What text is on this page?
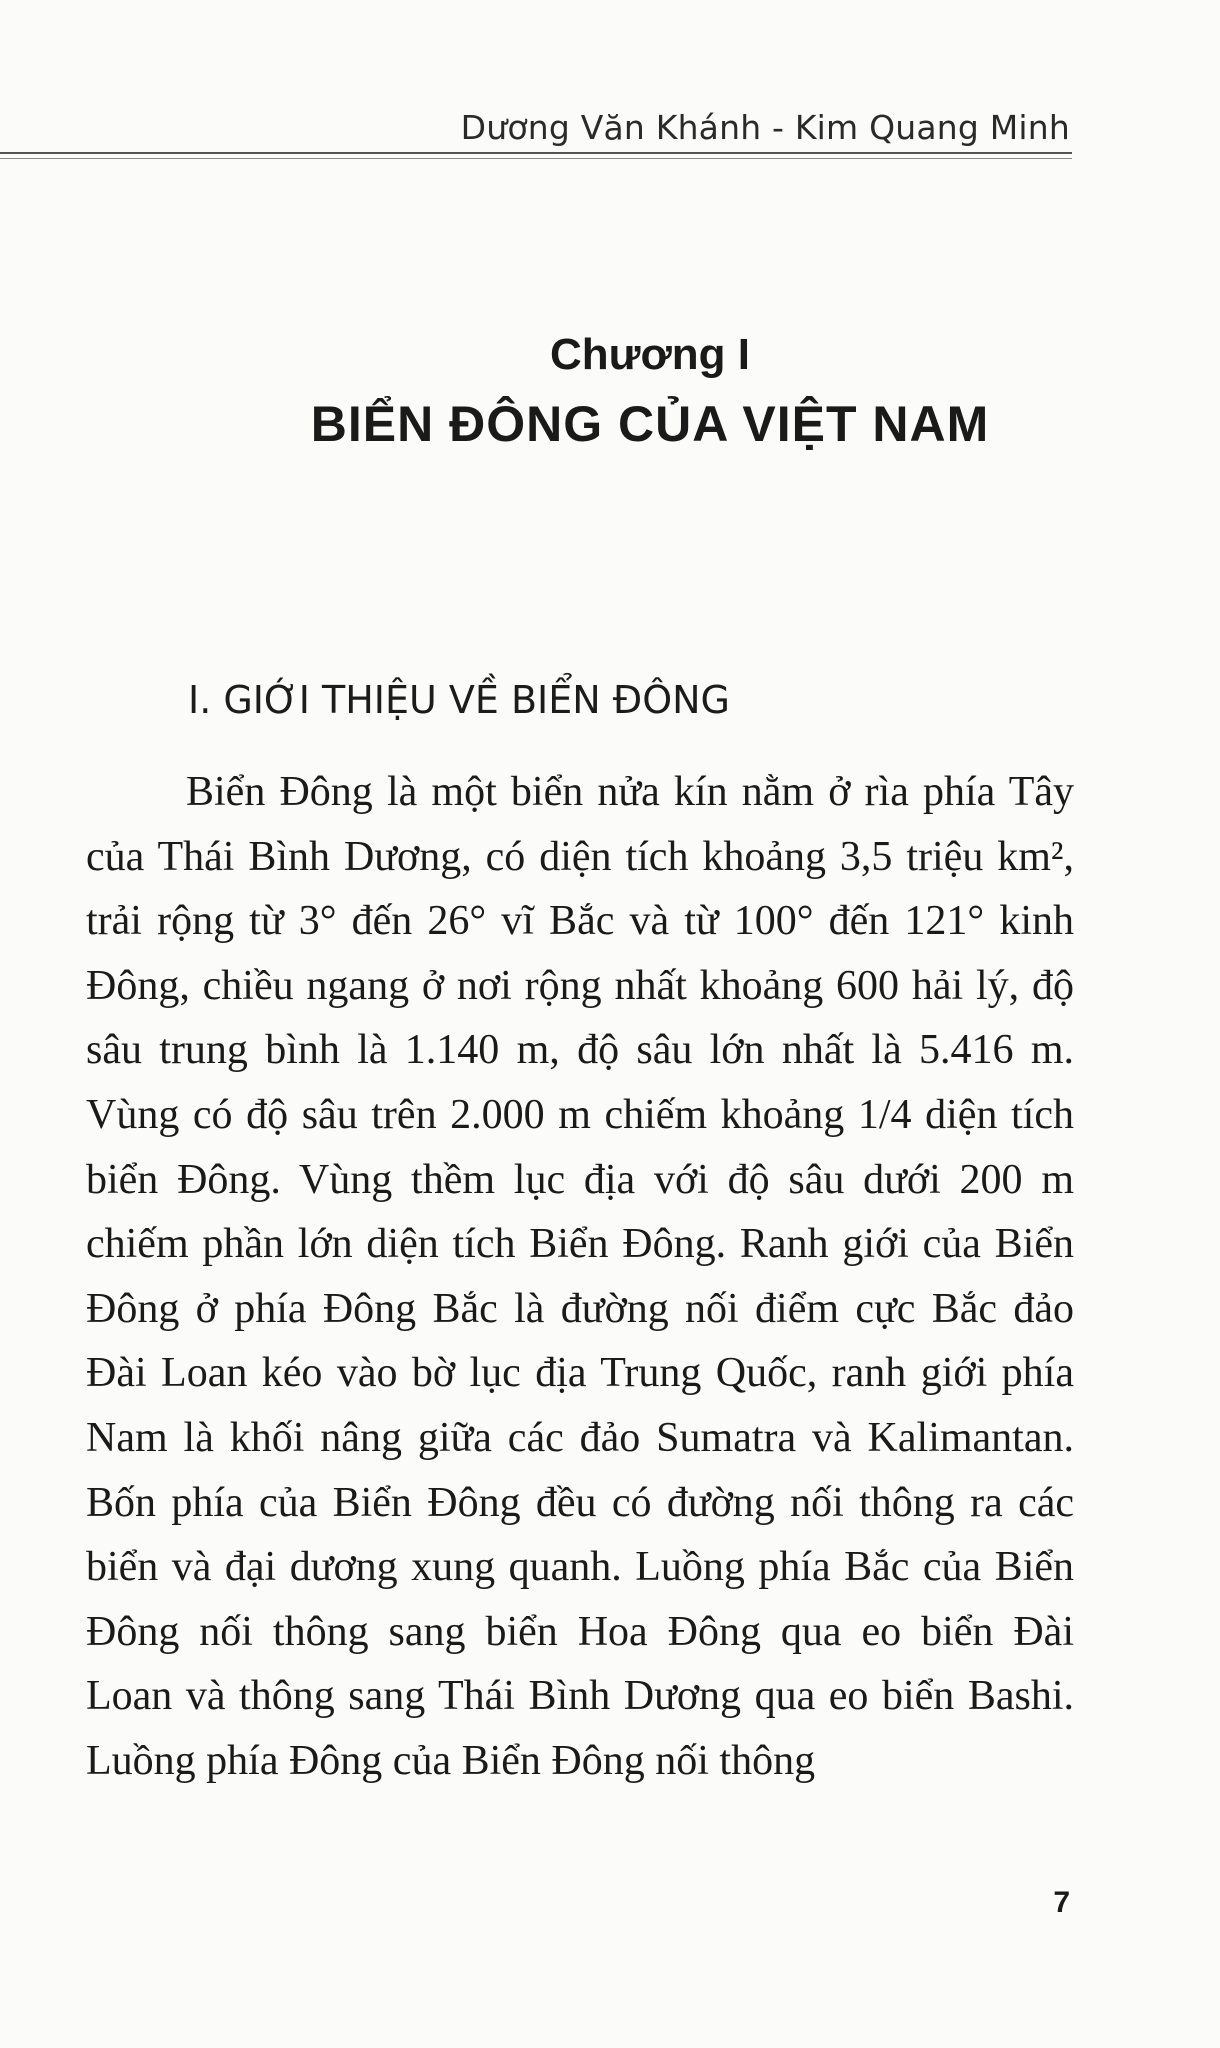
Dương Văn Khánh - Kim Quang Minh
Chương I
BIỂN ĐÔNG CỦA VIỆT NAM
I. GIỚI THIỆU VỀ BIỂN ĐÔNG

Biển Đông là một biển nửa kín nằm ở rìa phía Tây của Thái Bình Dương, có diện tích khoảng 3,5 triệu km², trải rộng từ 3° đến 26° vĩ Bắc và từ 100° đến 121° kinh Đông, chiều ngang ở nơi rộng nhất khoảng 600 hải lý, độ sâu trung bình là 1.140 m, độ sâu lớn nhất là 5.416 m. Vùng có độ sâu trên 2.000 m chiếm khoảng 1/4 diện tích biển Đông. Vùng thềm lục địa với độ sâu dưới 200 m chiếm phần lớn diện tích Biển Đông. Ranh giới của Biển Đông ở phía Đông Bắc là đường nối điểm cực Bắc đảo Đài Loan kéo vào bờ lục địa Trung Quốc, ranh giới phía Nam là khối nâng giữa các đảo Sumatra và Kalimantan. Bốn phía của Biển Đông đều có đường nối thông ra các biển và đại dương xung quanh. Luồng phía Bắc của Biển Đông nối thông sang biển Hoa Đông qua eo biển Đài Loan và thông sang Thái Bình Dương qua eo biển Bashi. Luồng phía Đông của Biển Đông nối thông

7
